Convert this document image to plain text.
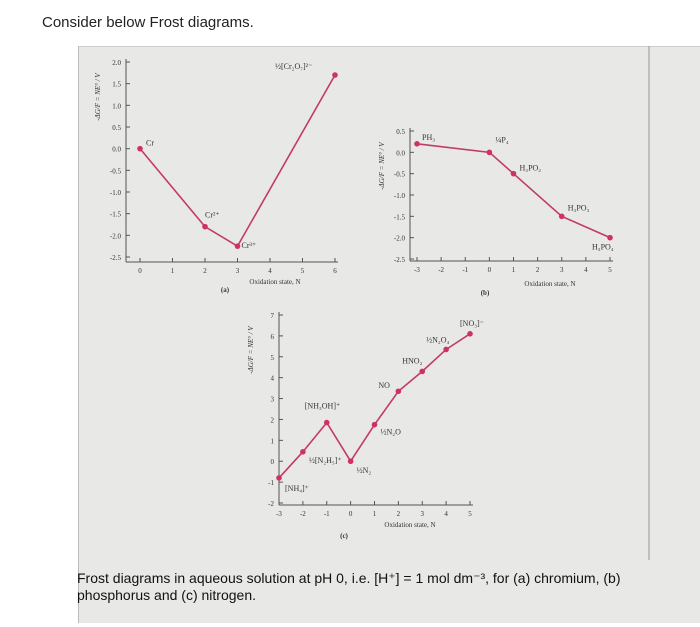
Consider below Frost diagrams.
2.0
1.5
1.0
0.5
0.0
-0.5
-1.0
-1.5
-2.0
-2.5
0	1	2	3	4	5	6
-ΔG/F = NE° / V
Oxidation state, N
(a)
Cr
Cr²⁺
Cr³⁺
½[Cr₂O₇]²⁻
0.5
0.0
-0.5
-1.0
-1.5
-2.0
-2.5
-3	-2	-1	0	1	2	3	4	5
-ΔG/F = NE° / V
Oxidation state, N
(b)
PH₃	¼P₄
H₃PO₂
H₃PO₃
H₃PO₄
7
6
5
4
3
2
1
0
-1
-2
-3	-2	-1	0	1	2	3	4	5
-ΔG/F = NE° / V
Oxidation state, N
(c)
[NH₄]⁺
½[N₂H₅]⁺
[NH₃OH]⁺
½N₂
½N₂O
NO
HNO₂
½N₂O₄
[NO₃]⁻
Frost diagrams in aqueous solution at pH 0, i.e. [H⁺] = 1 mol dm⁻³, for (a) chromium, (b) phosphorus and (c) nitrogen.
